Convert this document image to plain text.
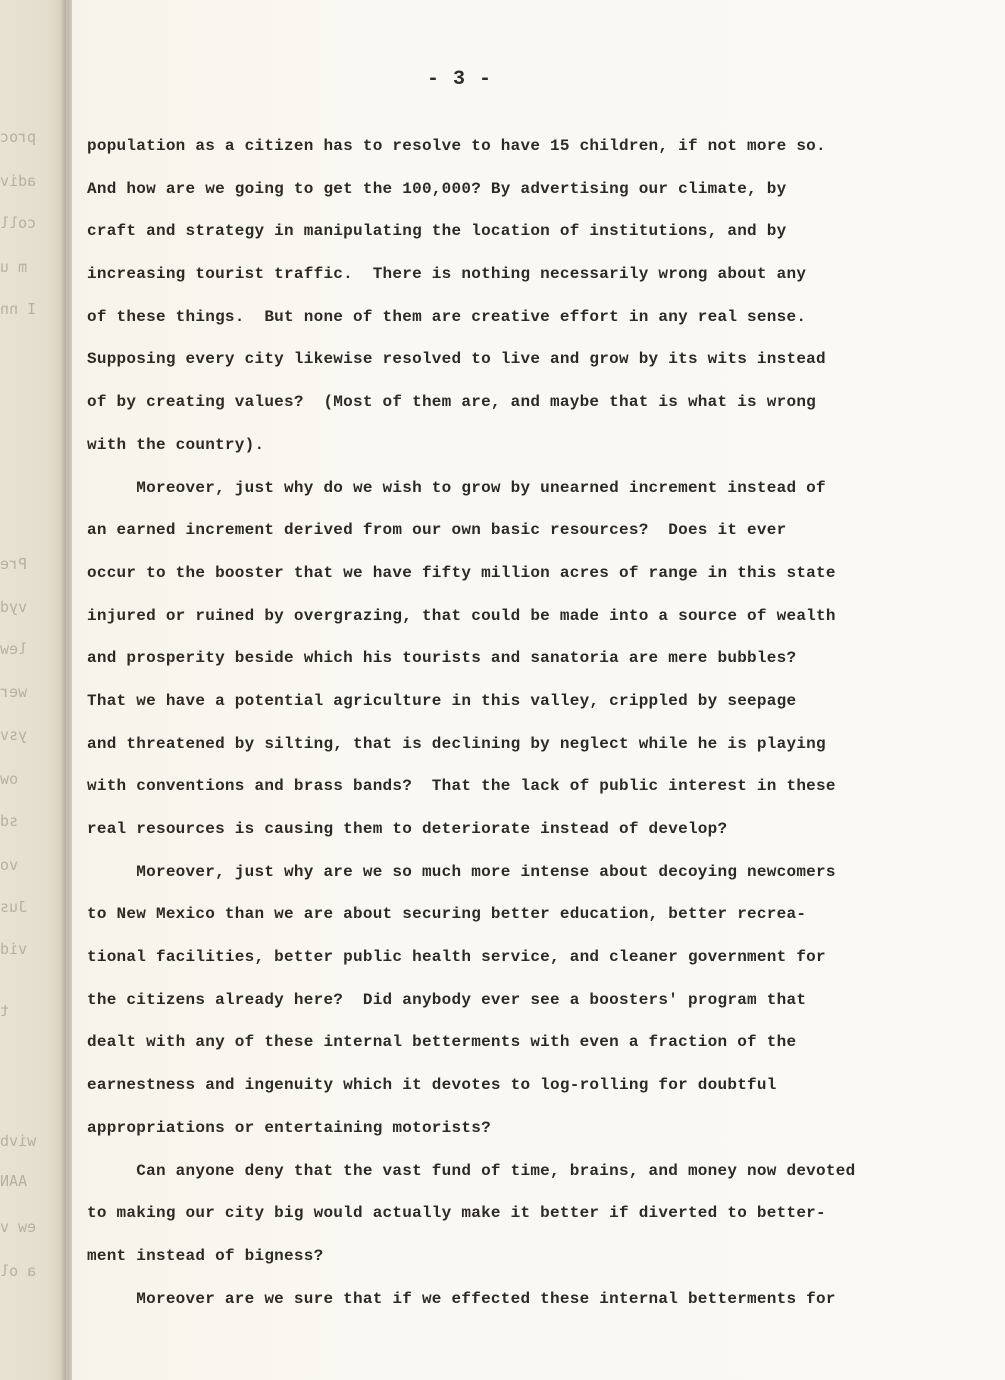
proc
adiv
coll
m u
I nn
Pre
vyd
lew
wer
ysv
ow
sd
vo
Jus
vid
t
wivb
AAN
ew v
a ol
- 3 -
population as a citizen has to resolve to have 15 children, if not more so.
And how are we going to get the 100,000? By advertising our climate, by
craft and strategy in manipulating the location of institutions, and by
increasing tourist traffic.  There is nothing necessarily wrong about any
of these things.  But none of them are creative effort in any real sense.
Supposing every city likewise resolved to live and grow by its wits instead
of by creating values?  (Most of them are, and maybe that is what is wrong
with the country).
Moreover, just why do we wish to grow by unearned increment instead of
an earned increment derived from our own basic resources?  Does it ever
occur to the booster that we have fifty million acres of range in this state
injured or ruined by overgrazing, that could be made into a source of wealth
and prosperity beside which his tourists and sanatoria are mere bubbles?
That we have a potential agriculture in this valley, crippled by seepage
and threatened by silting, that is declining by neglect while he is playing
with conventions and brass bands?  That the lack of public interest in these
real resources is causing them to deteriorate instead of develop?
Moreover, just why are we so much more intense about decoying newcomers
to New Mexico than we are about securing better education, better recrea-
tional facilities, better public health service, and cleaner government for
the citizens already here?  Did anybody ever see a boosters' program that
dealt with any of these internal betterments with even a fraction of the
earnestness and ingenuity which it devotes to log-rolling for doubtful
appropriations or entertaining motorists?
Can anyone deny that the vast fund of time, brains, and money now devoted
to making our city big would actually make it better if diverted to better-
ment instead of bigness?
Moreover are we sure that if we effected these internal betterments for
